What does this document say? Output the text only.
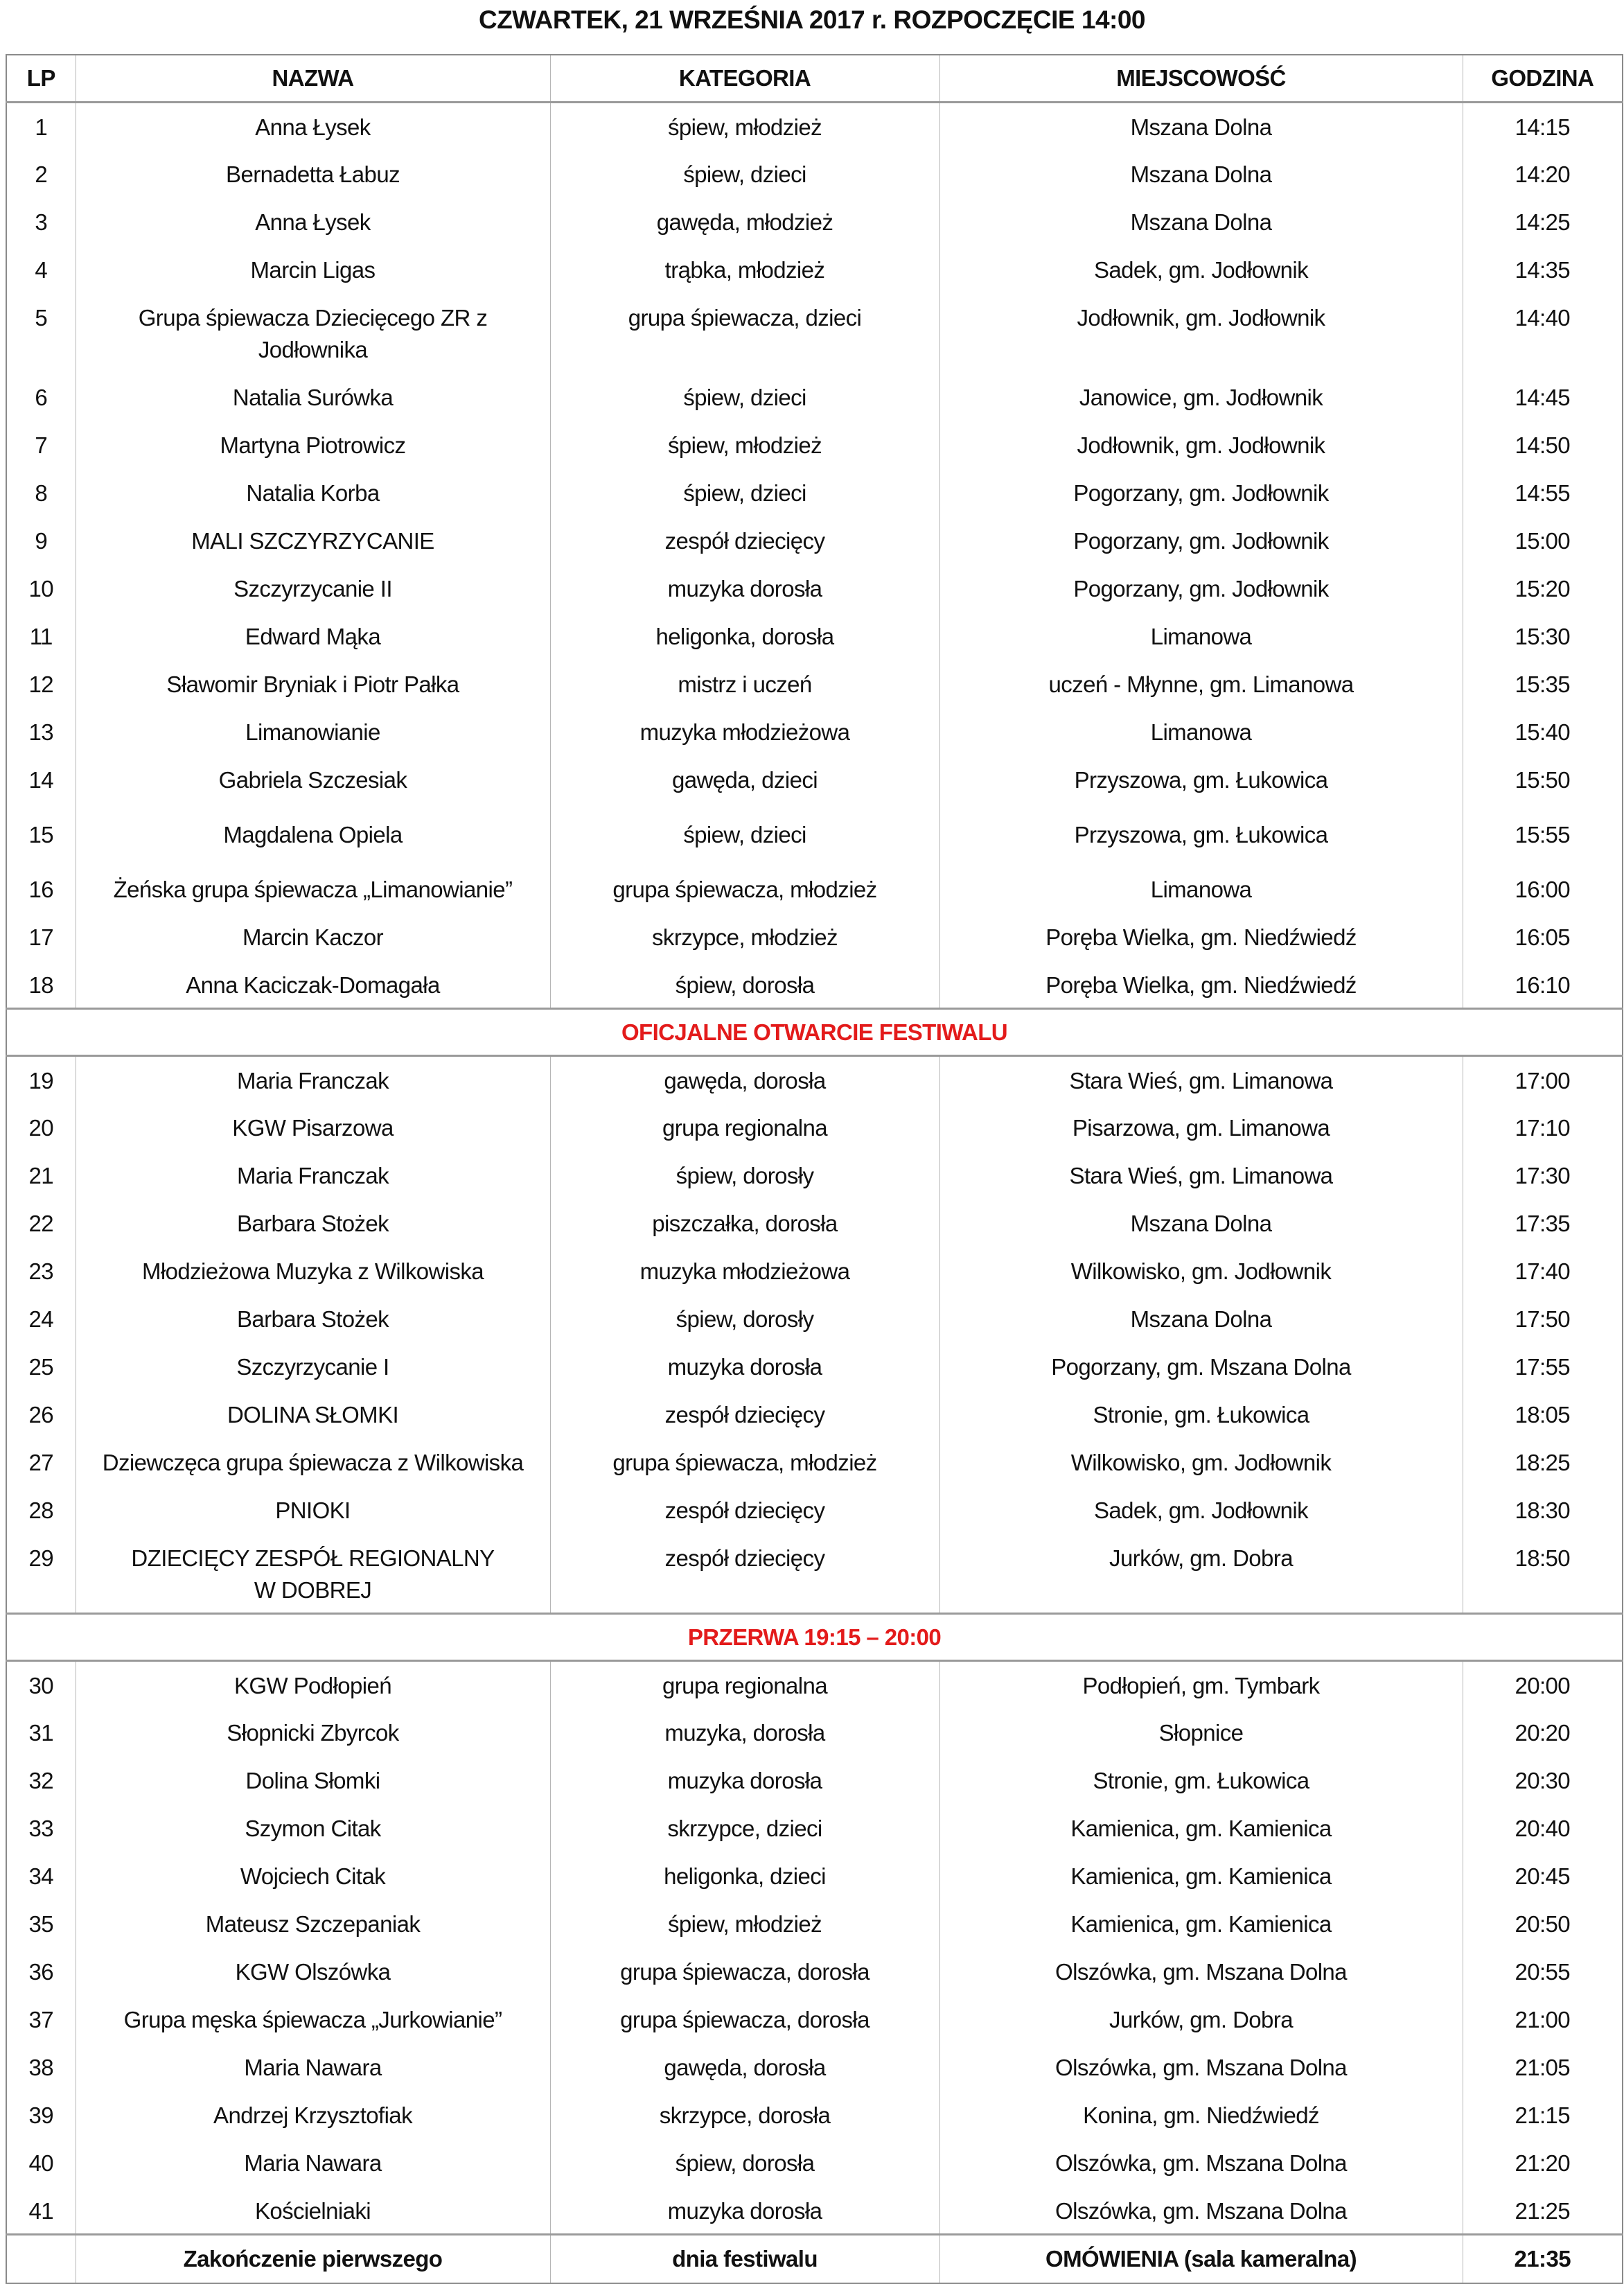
CZWARTEK, 21 WRZEŚNIA 2017 r. ROZPOCZĘCIE 14:00
LP	NAZWA	KATEGORIA	MIEJSCOWOŚĆ	GODZINA
1	Anna Łysek	śpiew, młodzież	Mszana Dolna	14:15
2	Bernadetta Łabuz	śpiew, dzieci	Mszana Dolna	14:20
3	Anna Łysek	gawęda, młodzież	Mszana Dolna	14:25
4	Marcin Ligas	trąbka, młodzież	Sadek, gm. Jodłownik	14:35
5	Grupa śpiewacza Dziecięcego ZR z
Jodłownika	grupa śpiewacza, dzieci	Jodłownik, gm. Jodłownik	14:40
6	Natalia Surówka	śpiew, dzieci	Janowice, gm. Jodłownik	14:45
7	Martyna Piotrowicz	śpiew, młodzież	Jodłownik, gm. Jodłownik	14:50
8	Natalia Korba	śpiew, dzieci	Pogorzany, gm. Jodłownik	14:55
9	MALI SZCZYRZYCANIE	zespół dziecięcy	Pogorzany, gm. Jodłownik	15:00
10	Szczyrzycanie II	muzyka dorosła	Pogorzany, gm. Jodłownik	15:20
11	Edward Mąka	heligonka, dorosła	Limanowa	15:30
12	Sławomir Bryniak i Piotr Pałka	mistrz i uczeń	uczeń - Młynne, gm. Limanowa	15:35
13	Limanowianie	muzyka młodzieżowa	Limanowa	15:40
14	Gabriela Szczesiak	gawęda, dzieci	Przyszowa, gm. Łukowica	15:50
15	Magdalena Opiela	śpiew, dzieci	Przyszowa, gm. Łukowica	15:55
16	Żeńska grupa śpiewacza „Limanowianie”	grupa śpiewacza, młodzież	Limanowa	16:00
17	Marcin Kaczor	skrzypce, młodzież	Poręba Wielka, gm. Niedźwiedź	16:05
18	Anna Kaciczak-Domagała	śpiew, dorosła	Poręba Wielka, gm. Niedźwiedź	16:10
OFICJALNE OTWARCIE FESTIWALU				
19	Maria Franczak	gawęda, dorosła	Stara Wieś, gm. Limanowa	17:00
20	KGW Pisarzowa	grupa regionalna	Pisarzowa, gm. Limanowa	17:10
21	Maria Franczak	śpiew, dorosły	Stara Wieś, gm. Limanowa	17:30
22	Barbara Stożek	piszczałka, dorosła	Mszana Dolna	17:35
23	Młodzieżowa Muzyka z Wilkowiska	muzyka młodzieżowa	Wilkowisko, gm. Jodłownik	17:40
24	Barbara Stożek	śpiew, dorosły	Mszana Dolna	17:50
25	Szczyrzycanie I	muzyka dorosła	Pogorzany, gm. Mszana Dolna	17:55
26	DOLINA SŁOMKI	zespół dziecięcy	Stronie, gm. Łukowica	18:05
27	Dziewczęca grupa śpiewacza z Wilkowiska	grupa śpiewacza, młodzież	Wilkowisko, gm. Jodłownik	18:25
28	PNIOKI	zespół dziecięcy	Sadek, gm. Jodłownik	18:30
29	DZIECIĘCY ZESPÓŁ REGIONALNY
W DOBREJ	zespół dziecięcy	Jurków, gm. Dobra	18:50
PRZERWA 19:15 – 20:00				
30	KGW Podłopień	grupa regionalna	Podłopień, gm. Tymbark	20:00
31	Słopnicki Zbyrcok	muzyka, dorosła	Słopnice	20:20
32	Dolina Słomki	muzyka dorosła	Stronie, gm. Łukowica	20:30
33	Szymon Citak	skrzypce, dzieci	Kamienica, gm. Kamienica	20:40
34	Wojciech Citak	heligonka, dzieci	Kamienica, gm. Kamienica	20:45
35	Mateusz Szczepaniak	śpiew, młodzież	Kamienica, gm. Kamienica	20:50
36	KGW Olszówka	grupa śpiewacza, dorosła	Olszówka, gm. Mszana Dolna	20:55
37	Grupa męska śpiewacza „Jurkowianie”	grupa śpiewacza, dorosła	Jurków, gm. Dobra	21:00
38	Maria Nawara	gawęda, dorosła	Olszówka, gm. Mszana Dolna	21:05
39	Andrzej Krzysztofiak	skrzypce, dorosła	Konina, gm. Niedźwiedź	21:15
40	Maria Nawara	śpiew, dorosła	Olszówka, gm. Mszana Dolna	21:20
41	Kościelniaki	muzyka dorosła	Olszówka, gm. Mszana Dolna	21:25
	Zakończenie pierwszego	dnia festiwalu	OMÓWIENIA (sala kameralna)	21:35
